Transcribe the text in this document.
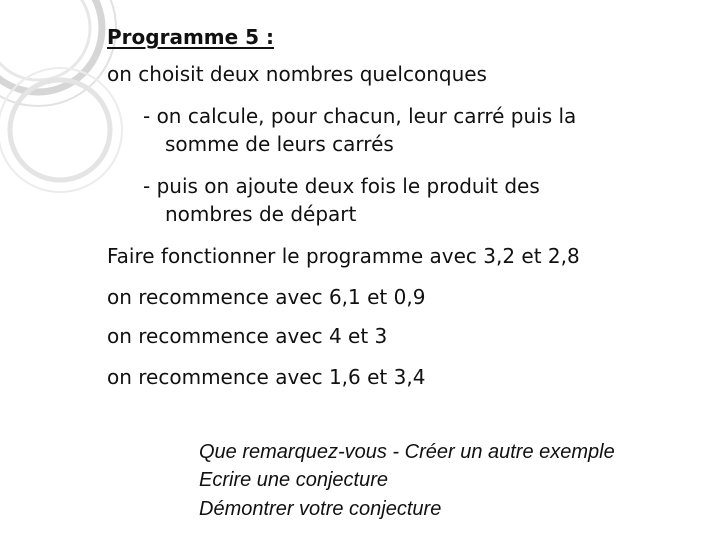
Programme 5 :
on choisit deux nombres quelconques
- on calcule, pour chacun, leur carré puis la
somme de leurs carrés
- puis on ajoute deux fois le produit des
nombres de départ
Faire fonctionner le programme avec 3,2 et 2,8
on recommence avec 6,1 et 0,9
on recommence avec 4 et 3
on recommence avec 1,6 et 3,4
Que remarquez-vous - Créer un autre exemple
Ecrire une conjecture
Démontrer votre conjecture
